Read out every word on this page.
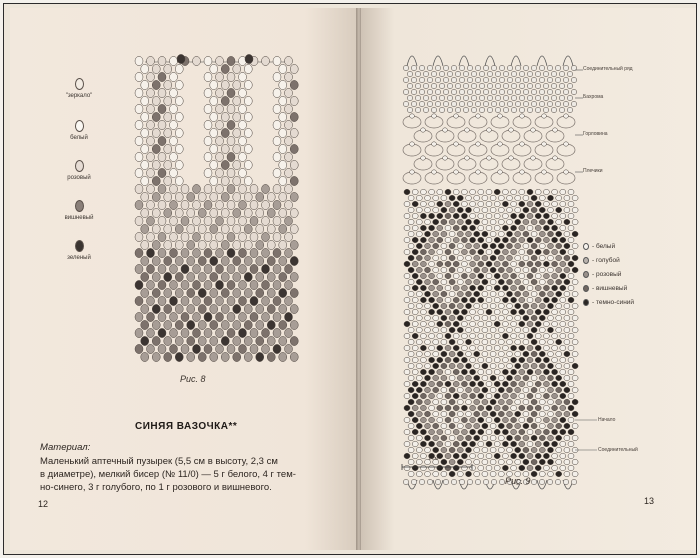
"зеркало"
белый
розовый
вишневый
зеленый
Рис. 8
СИНЯЯ ВАЗОЧКА**
Материал:
Маленький аптечный пузырек (5,5 см в высоту, 2,3 см
в диаметре), мелкий бисер (№ 11/0) — 5 г белого, 4 г тем-
но-синего, 3 г голубого, по 1 г розового и вишневого.
12
Соединительный ряд
Бахрома
Горловина
Плечики
Начало
Соединительный
- белый
- голубой
- розовый
- вишневый
- темно-синий
1 см
Рис. 9
13
